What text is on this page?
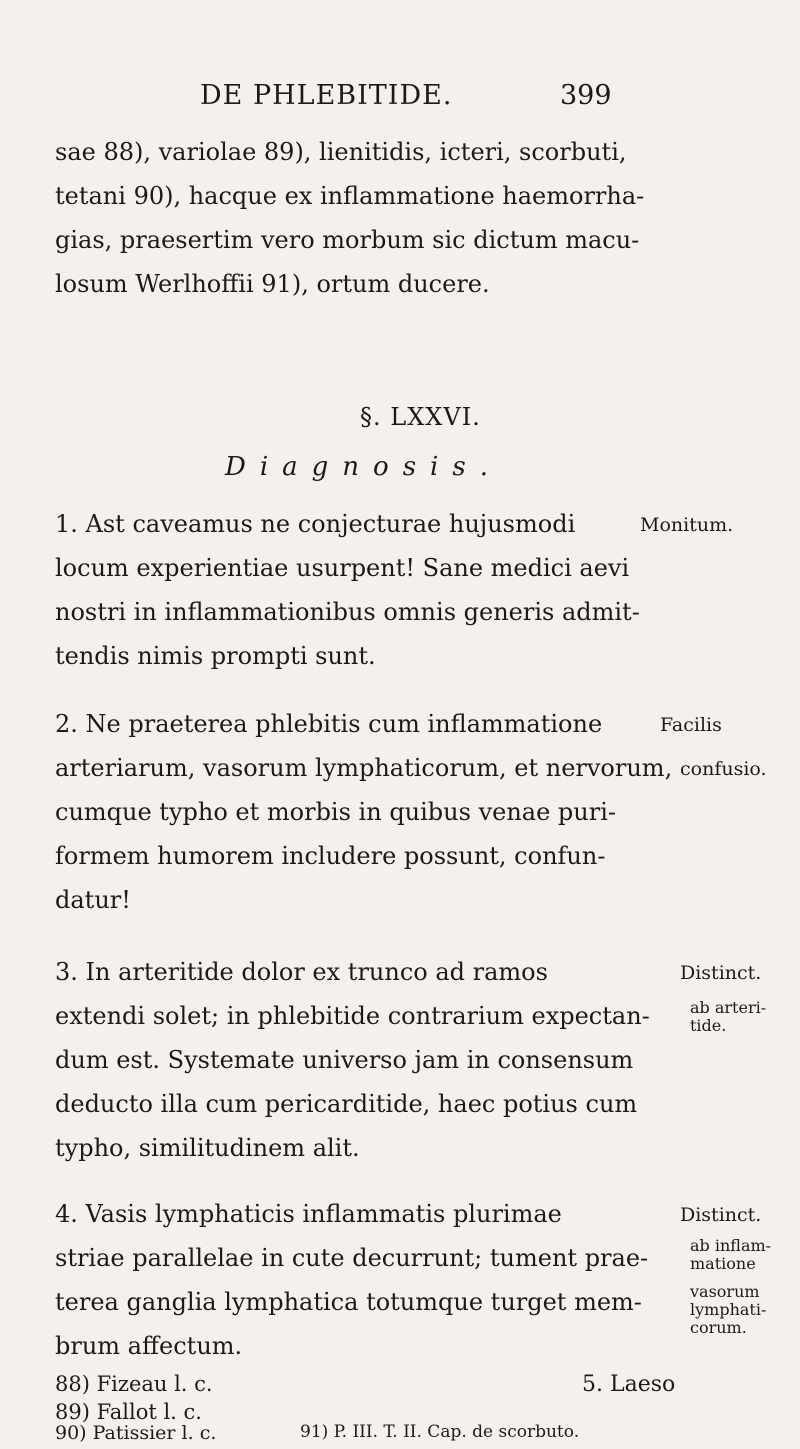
DE PHLEBITIDE.	399
sae 88), variolae 89), lienitidis, icteri, scorbuti,
tetani 90), hacque ex inflammatione haemorrha-
gias, praesertim vero morbum sic dictum macu-
losum Werlhoffii 91), ortum ducere.
§. LXXVI.
Diagnosis.
1. Ast caveamus ne conjecturae hujusmodi	Monitum.
locum experientiae usurpent! Sane medici aevi
nostri in inflammationibus omnis generis admit-
tendis nimis prompti sunt.
2. Ne praeterea phlebitis cum inflammatione	Facilis
arteriarum, vasorum lymphaticorum, et nervorum, confusio.
cumque typho et morbis in quibus venae puri-
formem humorem includere possunt, confun-
datur!
3. In arteritide dolor ex trunco ad ramos	Distinct.
extendi solet; in phlebitide contrarium expectan-	ab arteri-
tide.
dum est. Systemate universo jam in consensum
deducto illa cum pericarditide, haec potius cum
typho, similitudinem alit.
4. Vasis lymphaticis inflammatis plurimae	Distinct.
striae parallelae in cute decurrunt; tument prae-	ab inflam-
matione
terea ganglia lymphatica totumque turget mem-	vasorum
lymphati-
brum affectum.
corum.
5. Laeso
88) Fizeau l. c.
89) Fallot l. c.
90) Patissier l. c.	91) P. III. T. II. Cap. de scorbuto.
